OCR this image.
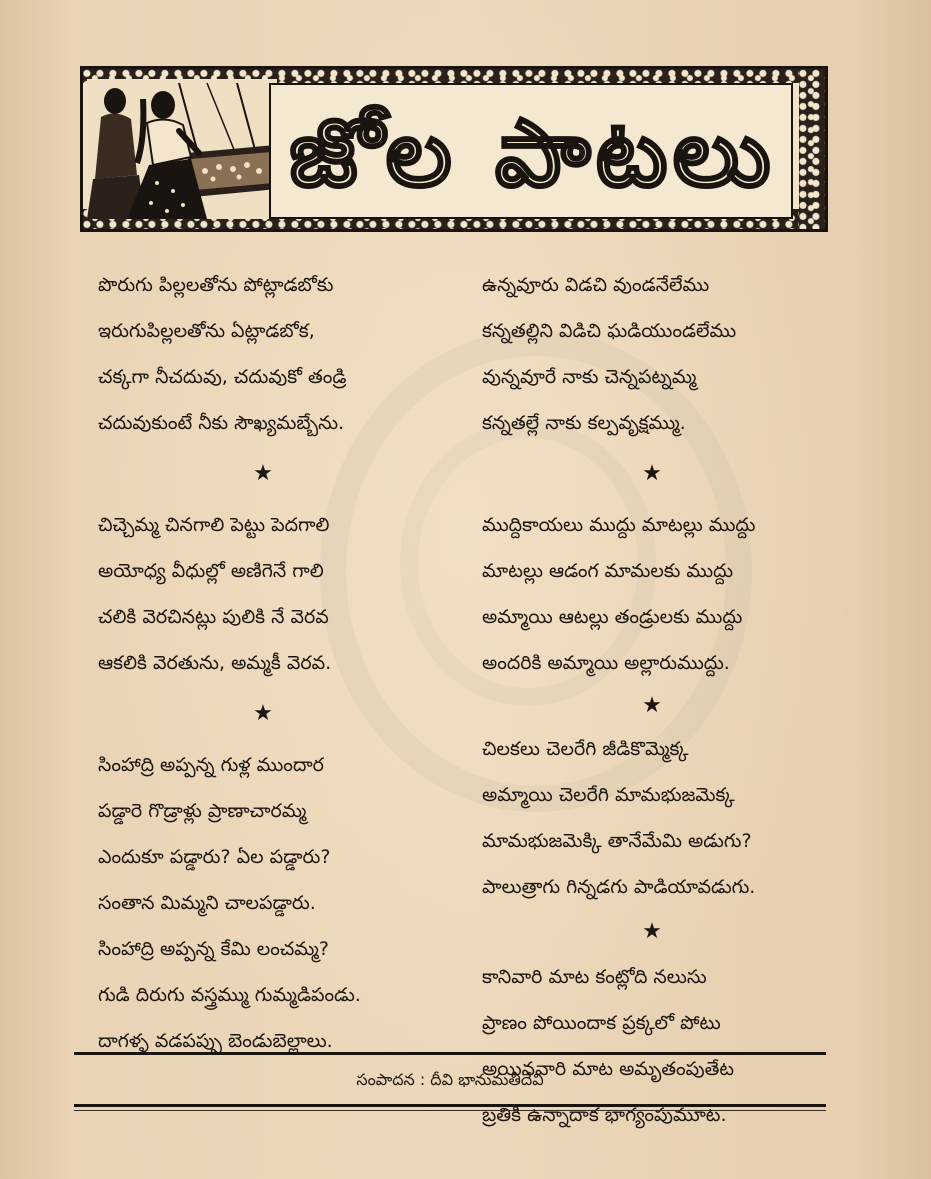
జోల పాటలు
పొరుగు పిల్లలతోను పోట్లాడబోకు
ఇరుగుపిల్లలతోను ఏట్లాడబోక,
చక్కగా నీచదువు, చదువుకో తండ్రి
చదువుకుంటే నీకు సౌఖ్యమబ్బేను.
★
చిచ్చెమ్మ చినగాలి పెట్టు పెదగాలి
అయోధ్య వీధుల్లో అణిగెనే గాలి
చలికి వెరచినట్లు పులికి నే వెరవ
ఆకలికి వెరతును, అమ్మకీ వెరవ.
★
సింహాద్రి అప్పన్న గుళ్ల ముందార
పడ్డారె గొడ్రాళ్లు ప్రాణాచారమ్మ
ఎందుకూ పడ్డారు? ఏల పడ్డారు?
సంతాన మిమ్మని చాలపడ్డారు.
సింహాద్రి అప్పన్న కేమి లంచమ్మ?
గుడి దిరుగు వస్త్రమ్ము గుమ్మడిపండు.
దాగళ్ళ వడపప్పు బెండుబెల్లాలు.
ఉన్నవూరు విడచి వుండనేలేము
కన్నతల్లిని విడిచి ఘడియుండలేము
వున్నవూరే నాకు చెన్నపట్నమ్మ
కన్నతల్లే నాకు కల్పవృక్షమ్ము.
★
ముద్దికాయలు ముద్దు మాటల్లు ముద్దు
మాటల్లు ఆడంగ మామలకు ముద్దు
అమ్మాయి ఆటల్లు తండ్రులకు ముద్దు
అందరికి అమ్మాయి అల్లారుముద్దు.
★
చిలకలు చెలరేగి జీడికొమ్మెక్క
అమ్మాయి చెలరేగి మామభుజమెక్క
మామభుజమెక్కి తానేమేమి అడుగు?
పాలుత్రాగు గిన్నడగు పాడియావడుగు.
★
కానివారి మాట కంట్లోది నలుసు
ప్రాణం పోయిందాక ప్రక్కలో పోటు
అయినవారి మాట అమృతంపుతేట
బ్రతికి ఉన్నాదాక భాగ్యంపుమూట.
సంపాదన : దీవి భానుమతీదేవి
